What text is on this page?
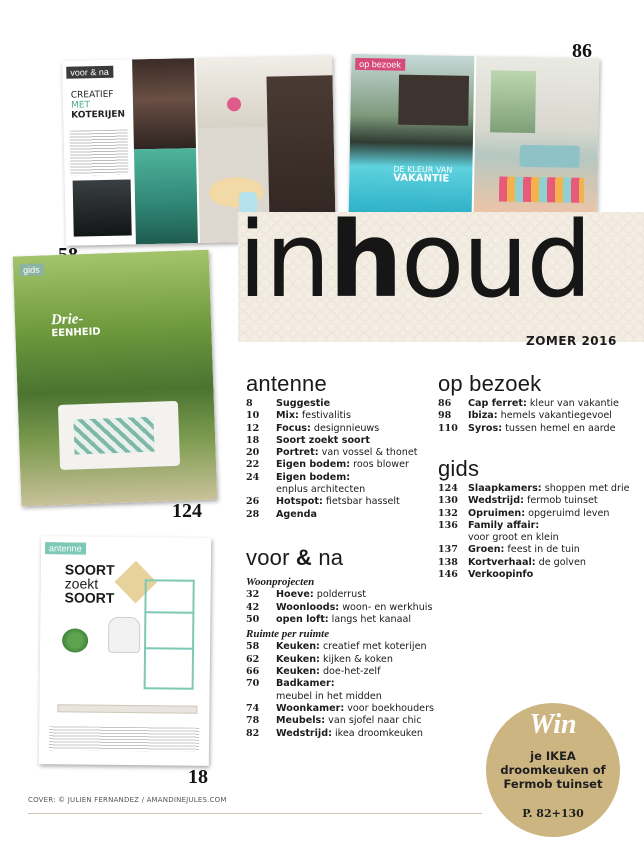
voor & na
CREATIEF
MET
KOTERIJEN
op bezoek
DE KLEUR VAN
VAKANTIE
86
gids
Drie-
EENHEID
124
antenne
SOORT
zoekt
SOORT
18
inhoud
ZOMER 2016
antenne
8 Suggestie
10 Mix: festivalitis
12 Focus: designnieuws
18 Soort zoekt soort
20 Portret: van vossel & thonet
22 Eigen bodem: roos blower
24 Eigen bodem:
enplus architecten
26 Hotspot: fietsbar hasselt
28 Agenda
voor & na
Woonprojecten
32 Hoeve: polderrust
42 Woonloods: woon- en werkhuis
50 open loft: langs het kanaal
Ruimte per ruimte
58 Keuken: creatief met koterijen
62 Keuken: kijken & koken
66 Keuken: doe-het-zelf
70 Badkamer:
meubel in het midden
74 Woonkamer: voor boekhouders
78 Meubels: van sjofel naar chic
82 Wedstrijd: ikea droomkeuken
op bezoek
86 Cap ferret: kleur van vakantie
98 Ibiza: hemels vakantiegevoel
110 Syros: tussen hemel en aarde
gids
124 Slaapkamers: shoppen met drie
130 Wedstrijd: fermob tuinset
132 Opruimen: opgeruimd leven
136 Family affair:
voor groot en klein
137 Groen: feest in de tuin
138 Kortverhaal: de golven
146 Verkoopinfo
Win
je IKEA
droomkeuken of
Fermob tuinset
P. 82+130
COVER: © JULIEN FERNANDEZ / AMANDINEJULES.COM
